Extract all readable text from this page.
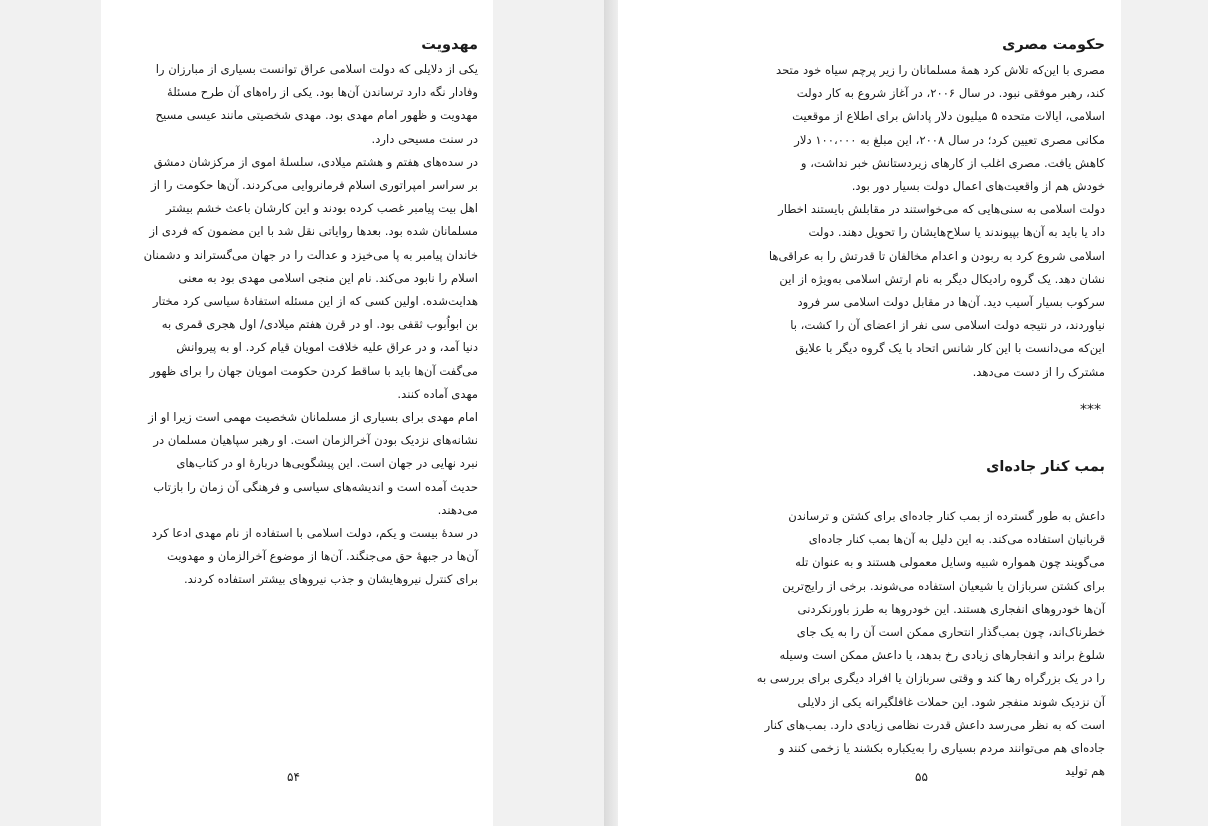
مهدویت
یکی از دلایلی که دولت اسلامی عراق توانست بسیاری از مبارزان را
وفادار نگه دارد ترساندن آن‌ها بود. یکی از راه‌های آن طرح مسئلهٔ
مهدویت و ظهور امام مهدی بود. مهدی شخصیتی مانند عیسی مسیح
در سنت مسیحی دارد.
در سده‌های هفتم و هشتم میلادی، سلسلهٔ اموی از مرکزشان دمشق
بر سراسر امپراتوری اسلام فرمانروایی می‌کردند. آن‌ها حکومت را از
اهل بیت پیامبر غصب کرده بودند و این کارشان باعث خشم بیشتر
مسلمانان شده بود. بعدها روایاتی نقل شد با این مضمون که فردی از
خاندان پیامبر به پا می‌خیزد و عدالت را در جهان می‌گستراند و دشمنان
اسلام را نابود می‌کند. نام این منجی اسلامی مهدی بود به معنی
هدایت‌شده. اولین کسی که از این مسئله استفادهٔ سیاسی کرد مختار
بن ابواُبوب ثقفی بود. او در قرن هفتم میلادی/ اول هجری قمری به
دنیا آمد، و در عراق علیه خلافت امویان قیام کرد. او به پیروانش
می‌گفت آن‌ها باید با ساقط کردن حکومت امویان جهان را برای ظهور
مهدی آماده کنند.
امام مهدی برای بسیاری از مسلمانان شخصیت مهمی است زیرا او از
نشانه‌های نزدیک بودن آخرالزمان است. او رهبر سپاهیان مسلمان در
نبرد نهایی در جهان است. این پیشگویی‌ها دربارهٔ او در کتاب‌های
حدیث آمده است و اندیشه‌های سیاسی و فرهنگی آن زمان را بازتاب
می‌دهند.
در سدهٔ بیست و یکم، دولت اسلامی با استفاده از نام مهدی ادعا کرد
آن‌ها در جبههٔ حق می‌جنگند. آن‌ها از موضوع آخرالزمان و مهدویت
برای کنترل نیروهایشان و جذب نیروهای بیشتر استفاده کردند.
۵۴
حکومت مصری
مصری با این‌که تلاش کرد همهٔ مسلمانان را زیر پرچم سیاه خود متحد
کند، رهبر موفقی نبود. در سال ۲۰۰۶، در آغاز شروع به کار دولت
اسلامی، ایالات متحده ۵ میلیون دلار پاداش برای اطلاع از موقعیت
مکانی مصری تعیین کرد؛ در سال ۲۰۰۸، این مبلغ به ۱۰۰،۰۰۰ دلار
کاهش یافت. مصری اغلب از کارهای زیردستانش خبر نداشت، و
خودش هم از واقعیت‌های اعمال دولت بسیار دور بود.
دولت اسلامی به سنی‌هایی که می‌خواستند در مقابلش بایستند اخطار
داد یا باید به آن‌ها بپیوندند یا سلاح‌هایشان را تحویل دهند. دولت
اسلامی شروع کرد به ربودن و اعدام مخالفان تا قدرتش را به عراقی‌ها
نشان دهد. یک گروه رادیکال دیگر به نام ارتش اسلامی به‌ویژه از این
سرکوب بسیار آسیب دید. آن‌ها در مقابل دولت اسلامی سر فرود
نیاوردند، در نتیجه دولت اسلامی سی نفر از اعضای آن را کشت، با
این‌که می‌دانست با این کار شانس اتحاد با یک گروه دیگر با علایق
مشترک را از دست می‌دهد.
***
بمب کنار جاده‌ای
داعش به طور گسترده از بمب کنار جاده‌ای برای کشتن و ترساندن
قربانیان استفاده می‌کند. به این دلیل به آن‌ها بمب کنار جاده‌ای
می‌گویند چون همواره شبیه وسایل معمولی هستند و به عنوان تله
برای کشتن سربازان یا شیعیان استفاده می‌شوند. برخی از رایج‌ترین
آن‌ها خودروهای انفجاری هستند. این خودروها به طرز باورنکردنی
خطرناک‌اند، چون بمب‌گذار انتحاری ممکن است آن را به یک جای
شلوغ براند و انفجارهای زیادی رخ بدهد، یا داعش ممکن است وسیله
را در یک بزرگراه رها کند و وقتی سربازان یا افراد دیگری برای بررسی به
آن نزدیک شوند منفجر شود. این حملات غافلگیرانه یکی از دلایلی
است که به نظر می‌رسد داعش قدرت نظامی زیادی دارد. بمب‌های کنار
جاده‌ای هم می‌توانند مردم بسیاری را به‌یکباره بکشند یا زخمی کنند و
هم تولید
۵۵
